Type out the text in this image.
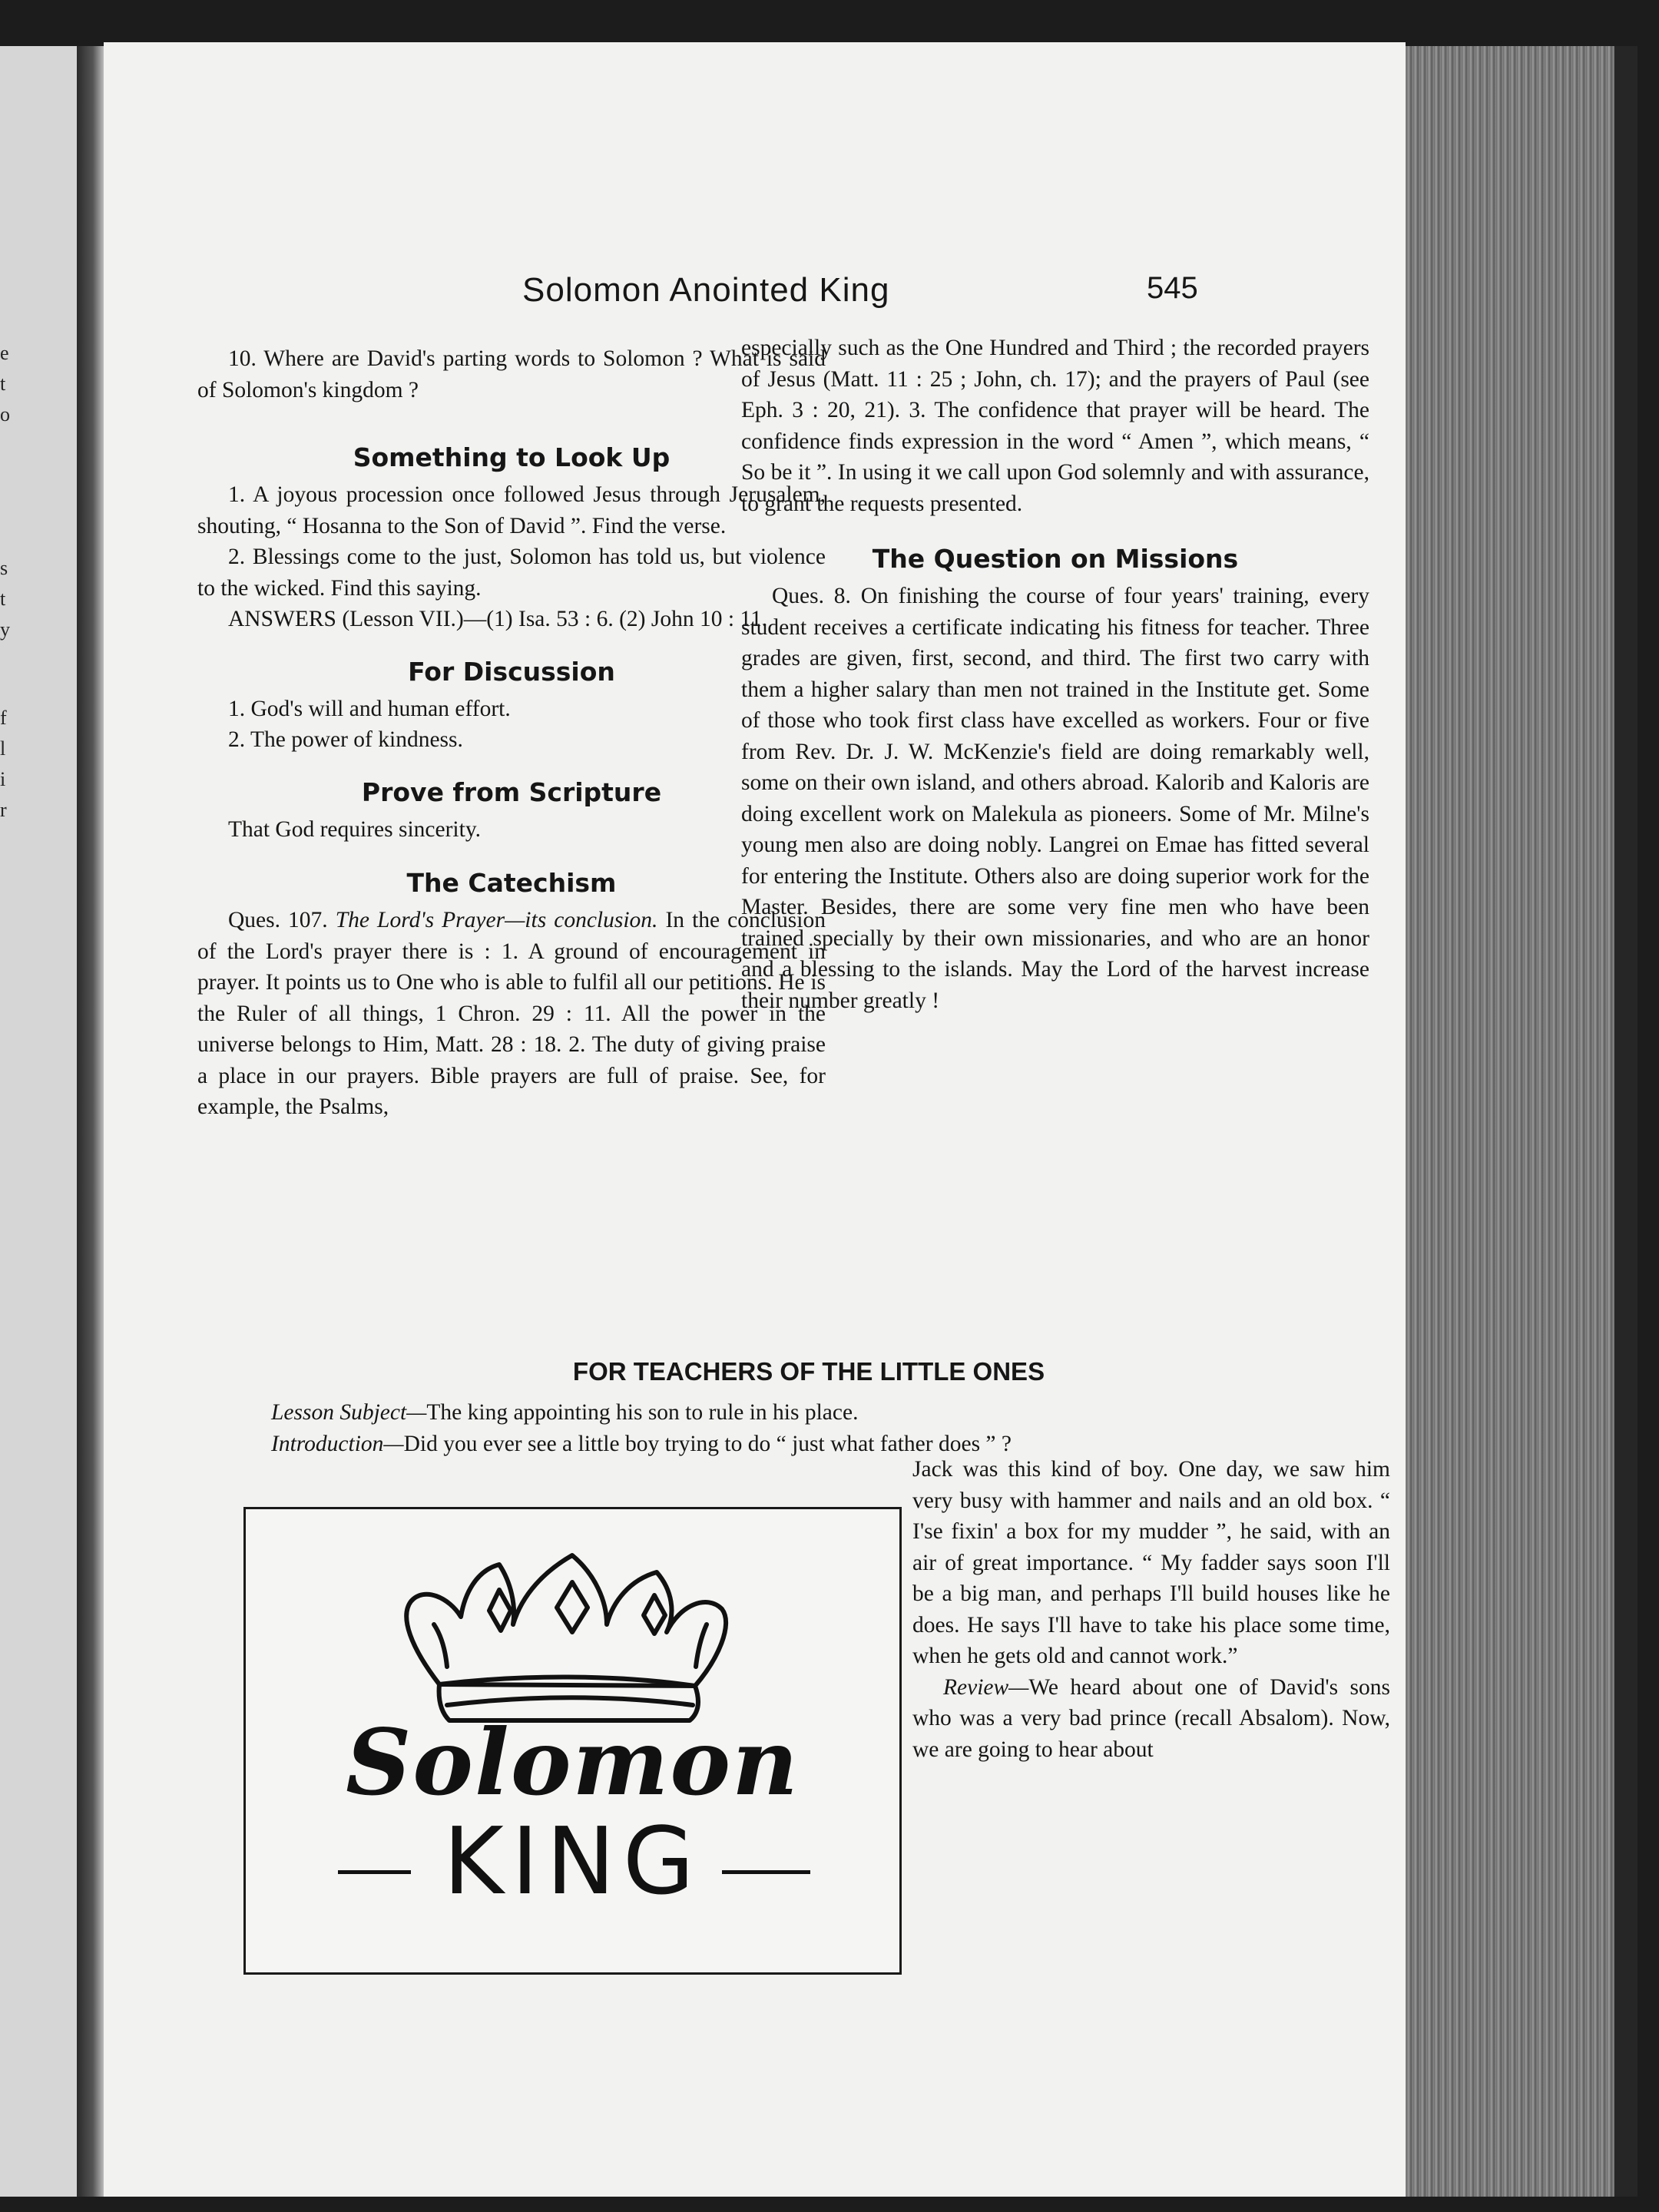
e
t
o
s
t
y
f
l
i
r
Solomon Anointed King	545

10. Where are David's parting words to Solomon ? What is said of Solomon's kingdom ?

Something to Look Up

1. A joyous procession once followed Jesus through Jerusalem, shouting, “ Hosanna to the Son of David ”. Find the verse.

2. Blessings come to the just, Solomon has told us, but violence to the wicked. Find this saying.

ANSWERS (Lesson VII.)—(1) Isa. 53 : 6. (2) John 10 : 11.

For Discussion

1. God's will and human effort.

2. The power of kindness.

Prove from Scripture

That God requires sincerity.

The Catechism

Ques. 107. The Lord's Prayer—its conclusion. In the conclusion of the Lord's prayer there is : 1. A ground of encouragement in prayer. It points us to One who is able to fulfil all our petitions. He is the Ruler of all things, 1 Chron. 29 : 11. All the power in the universe belongs to Him, Matt. 28 : 18. 2. The duty of giving praise a place in our prayers. Bible prayers are full of praise. See, for example, the Psalms,

especially such as the One Hundred and Third ; the recorded prayers of Jesus (Matt. 11 : 25 ; John, ch. 17); and the prayers of Paul (see Eph. 3 : 20, 21). 3. The confidence that prayer will be heard. The confidence finds expression in the word “ Amen ”, which means, “ So be it ”. In using it we call upon God solemnly and with assurance, to grant the requests presented.

The Question on Missions

Ques. 8. On finishing the course of four years' training, every student receives a certificate indicating his fitness for teacher. Three grades are given, first, second, and third. The first two carry with them a higher salary than men not trained in the Institute get. Some of those who took first class have excelled as workers. Four or five from Rev. Dr. J. W. McKenzie's field are doing remarkably well, some on their own island, and others abroad. Kalorib and Kaloris are doing excellent work on Malekula as pioneers. Some of Mr. Milne's young men also are doing nobly. Langrei on Emae has fitted several for entering the Institute. Others also are doing superior work for the Master. Besides, there are some very fine men who have been trained specially by their own missionaries, and who are an honor and a blessing to the islands. May the Lord of the harvest increase their number greatly !

FOR TEACHERS OF THE LITTLE ONES

Lesson Subject—The king appointing his son to rule in his place.

Introduction—Did you ever see a little boy trying to do “ just what father does ” ?

Jack was this kind of boy. One day, we saw him very busy with hammer and nails and an old box. “ I'se fixin' a box for my mudder ”, he said, with an air of great importance. “ My fadder says soon I'll be a big man, and perhaps I'll build houses like he does. He says I'll have to take his place some time, when he gets old and cannot work.”

Review—We heard about one of David's sons who was a very bad prince (recall Absalom). Now, we are going to hear about

Solomon
KING
